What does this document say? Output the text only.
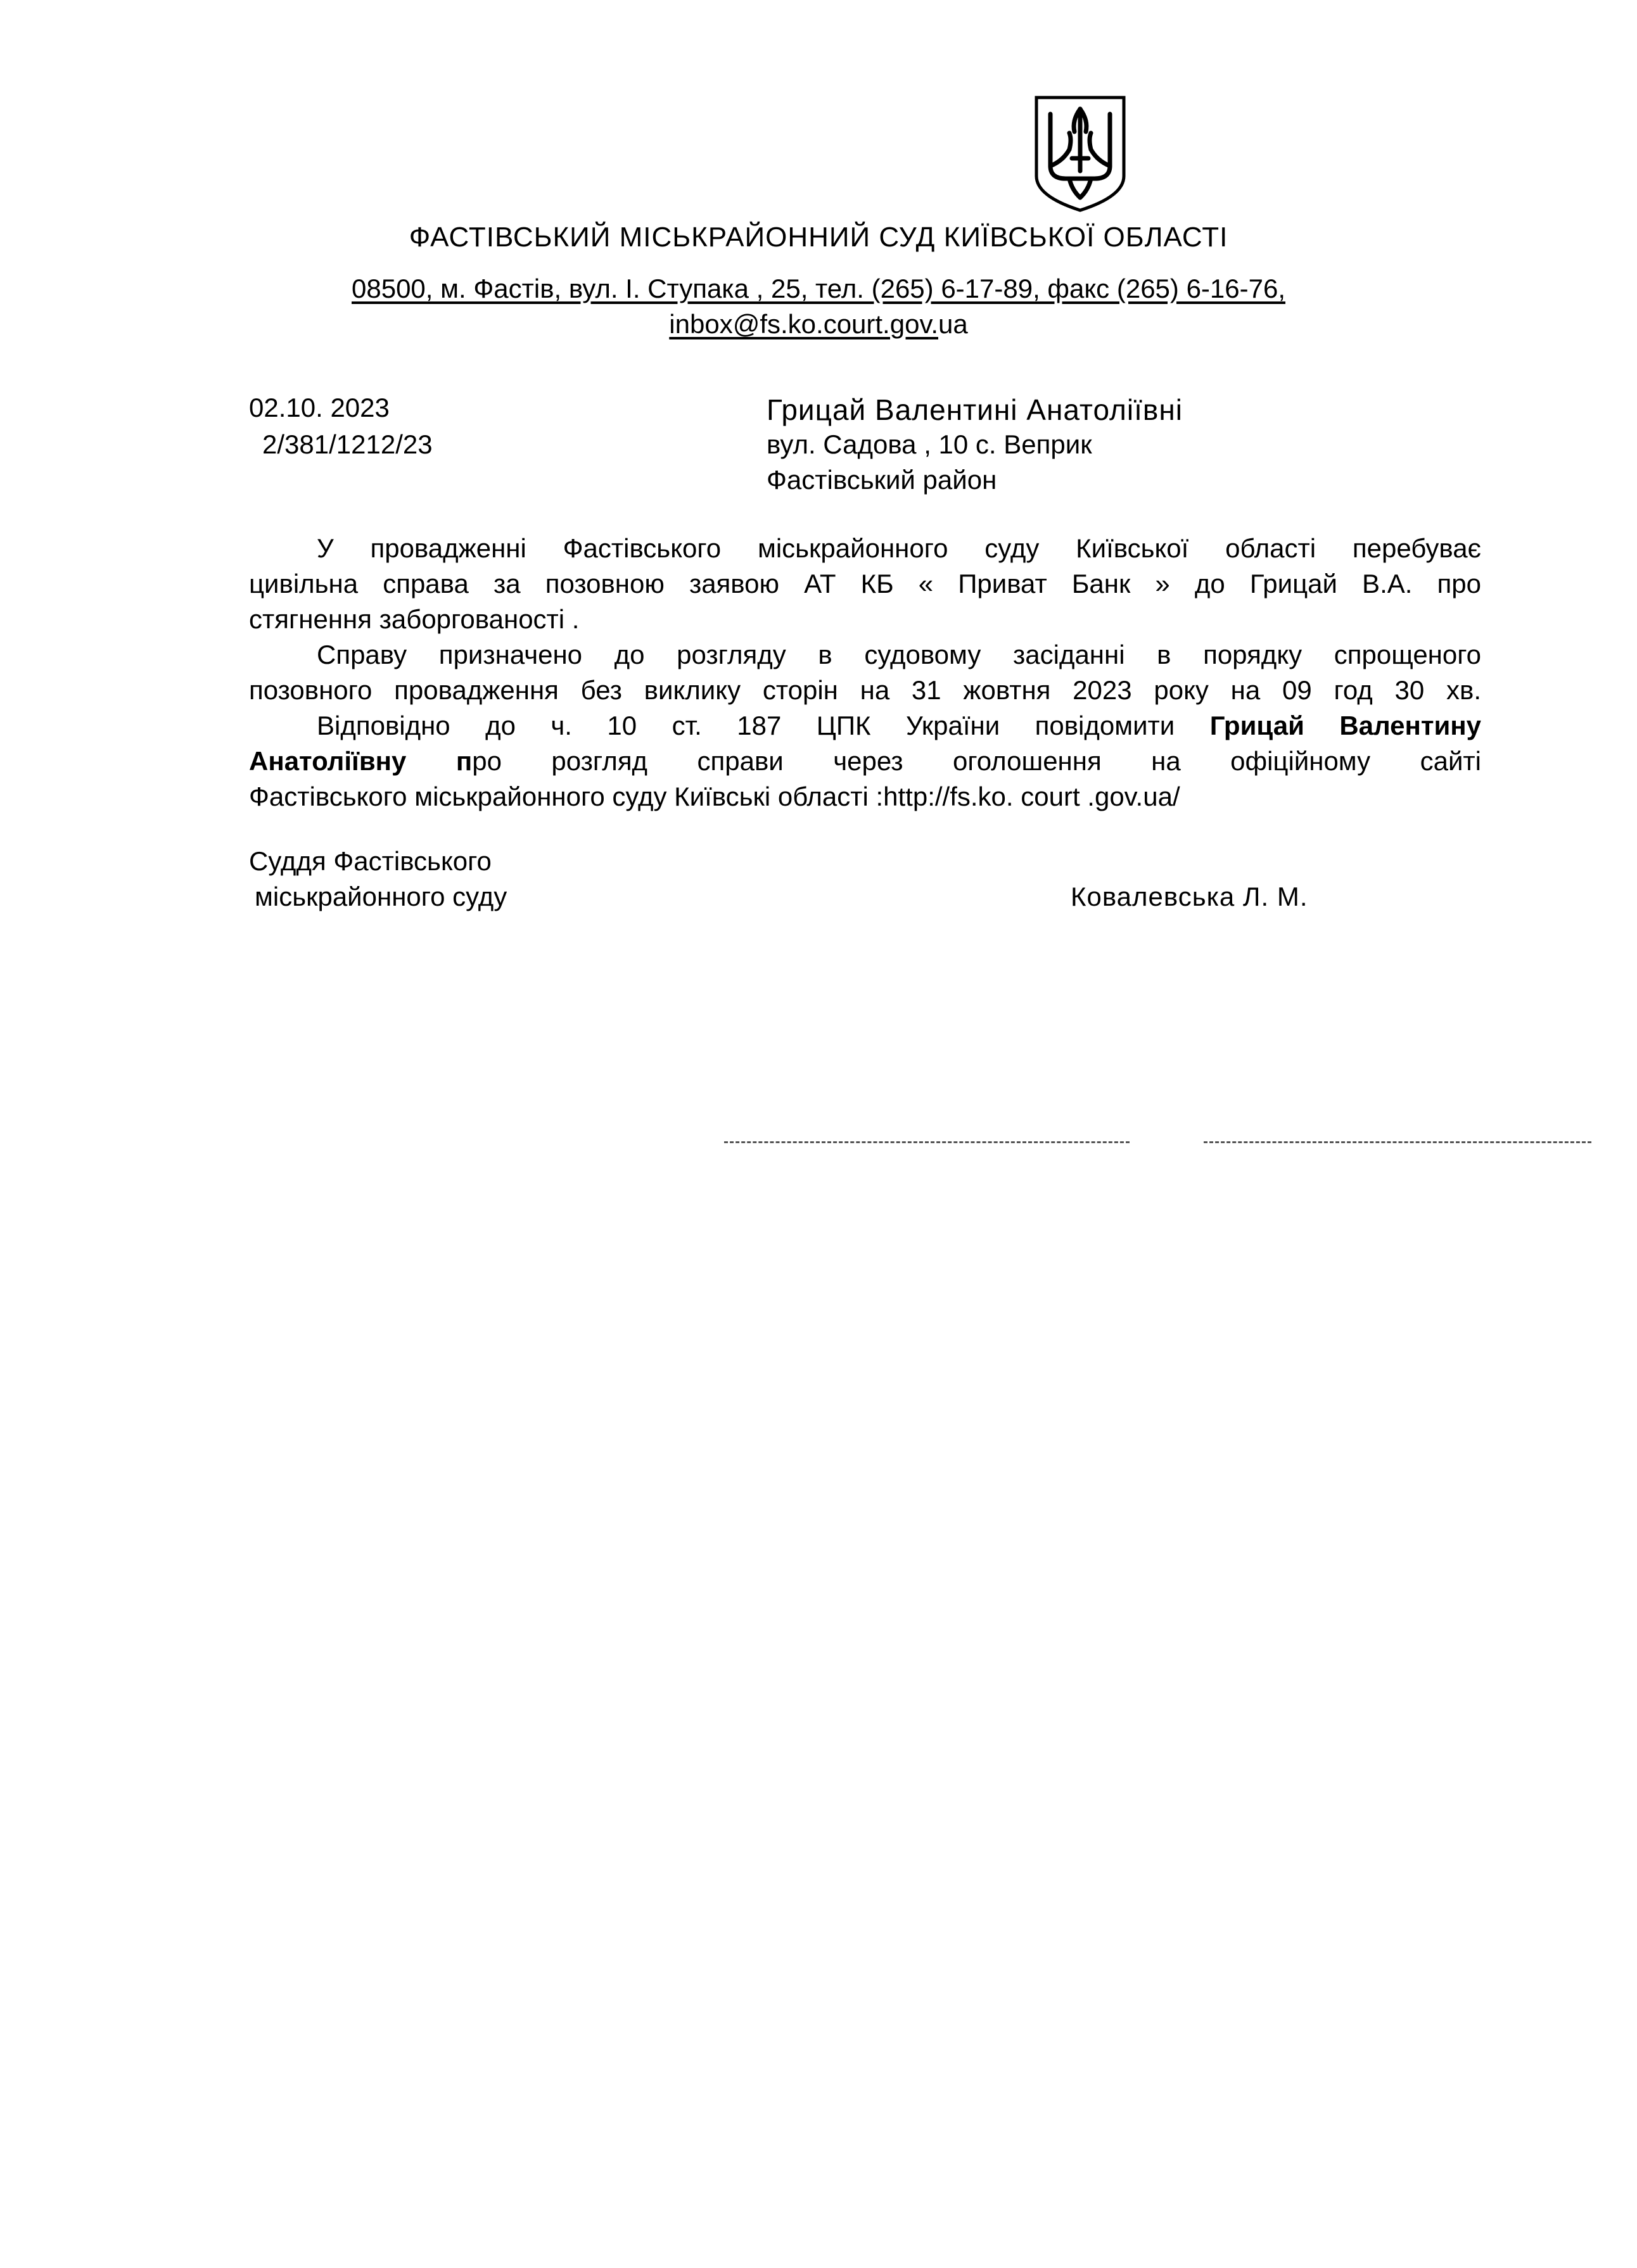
ФАСТІВСЬКИЙ МІСЬКРАЙОННИЙ СУД КИЇВСЬКОЇ ОБЛАСТІ
08500, м. Фастів, вул. І. Ступака , 25, тел. (265) 6-17-89, факс (265) 6-16-76,
inbox@fs.ko.court.gov.ua
02.10. 2023
2/381/1212/23
Грицай Валентині Анатоліївні
вул. Садова , 10 с. Веприк
Фастівський район
У провадженні Фастівського міськрайонного суду Київської області перебуває
цивільна справа за позовною заявою АТ КБ « Приват Банк » до Грицай В.А. про
стягнення заборгованості .
Справу призначено до розгляду в судовому засіданні в порядку спрощеного
позовного провадження без виклику сторін на 31 жовтня 2023 року на 09 год 30 хв.
Відповідно до ч. 10 ст. 187 ЦПК України повідомити Грицай Валентину
Анатоліївну про розгляд справи через оголошення на офіційному сайті
Фастівського міськрайонного суду Київські області :http://fs.ko. court .gov.ua/
Суддя Фастівського
міськрайонного суду	Ковалевська Л. М.
